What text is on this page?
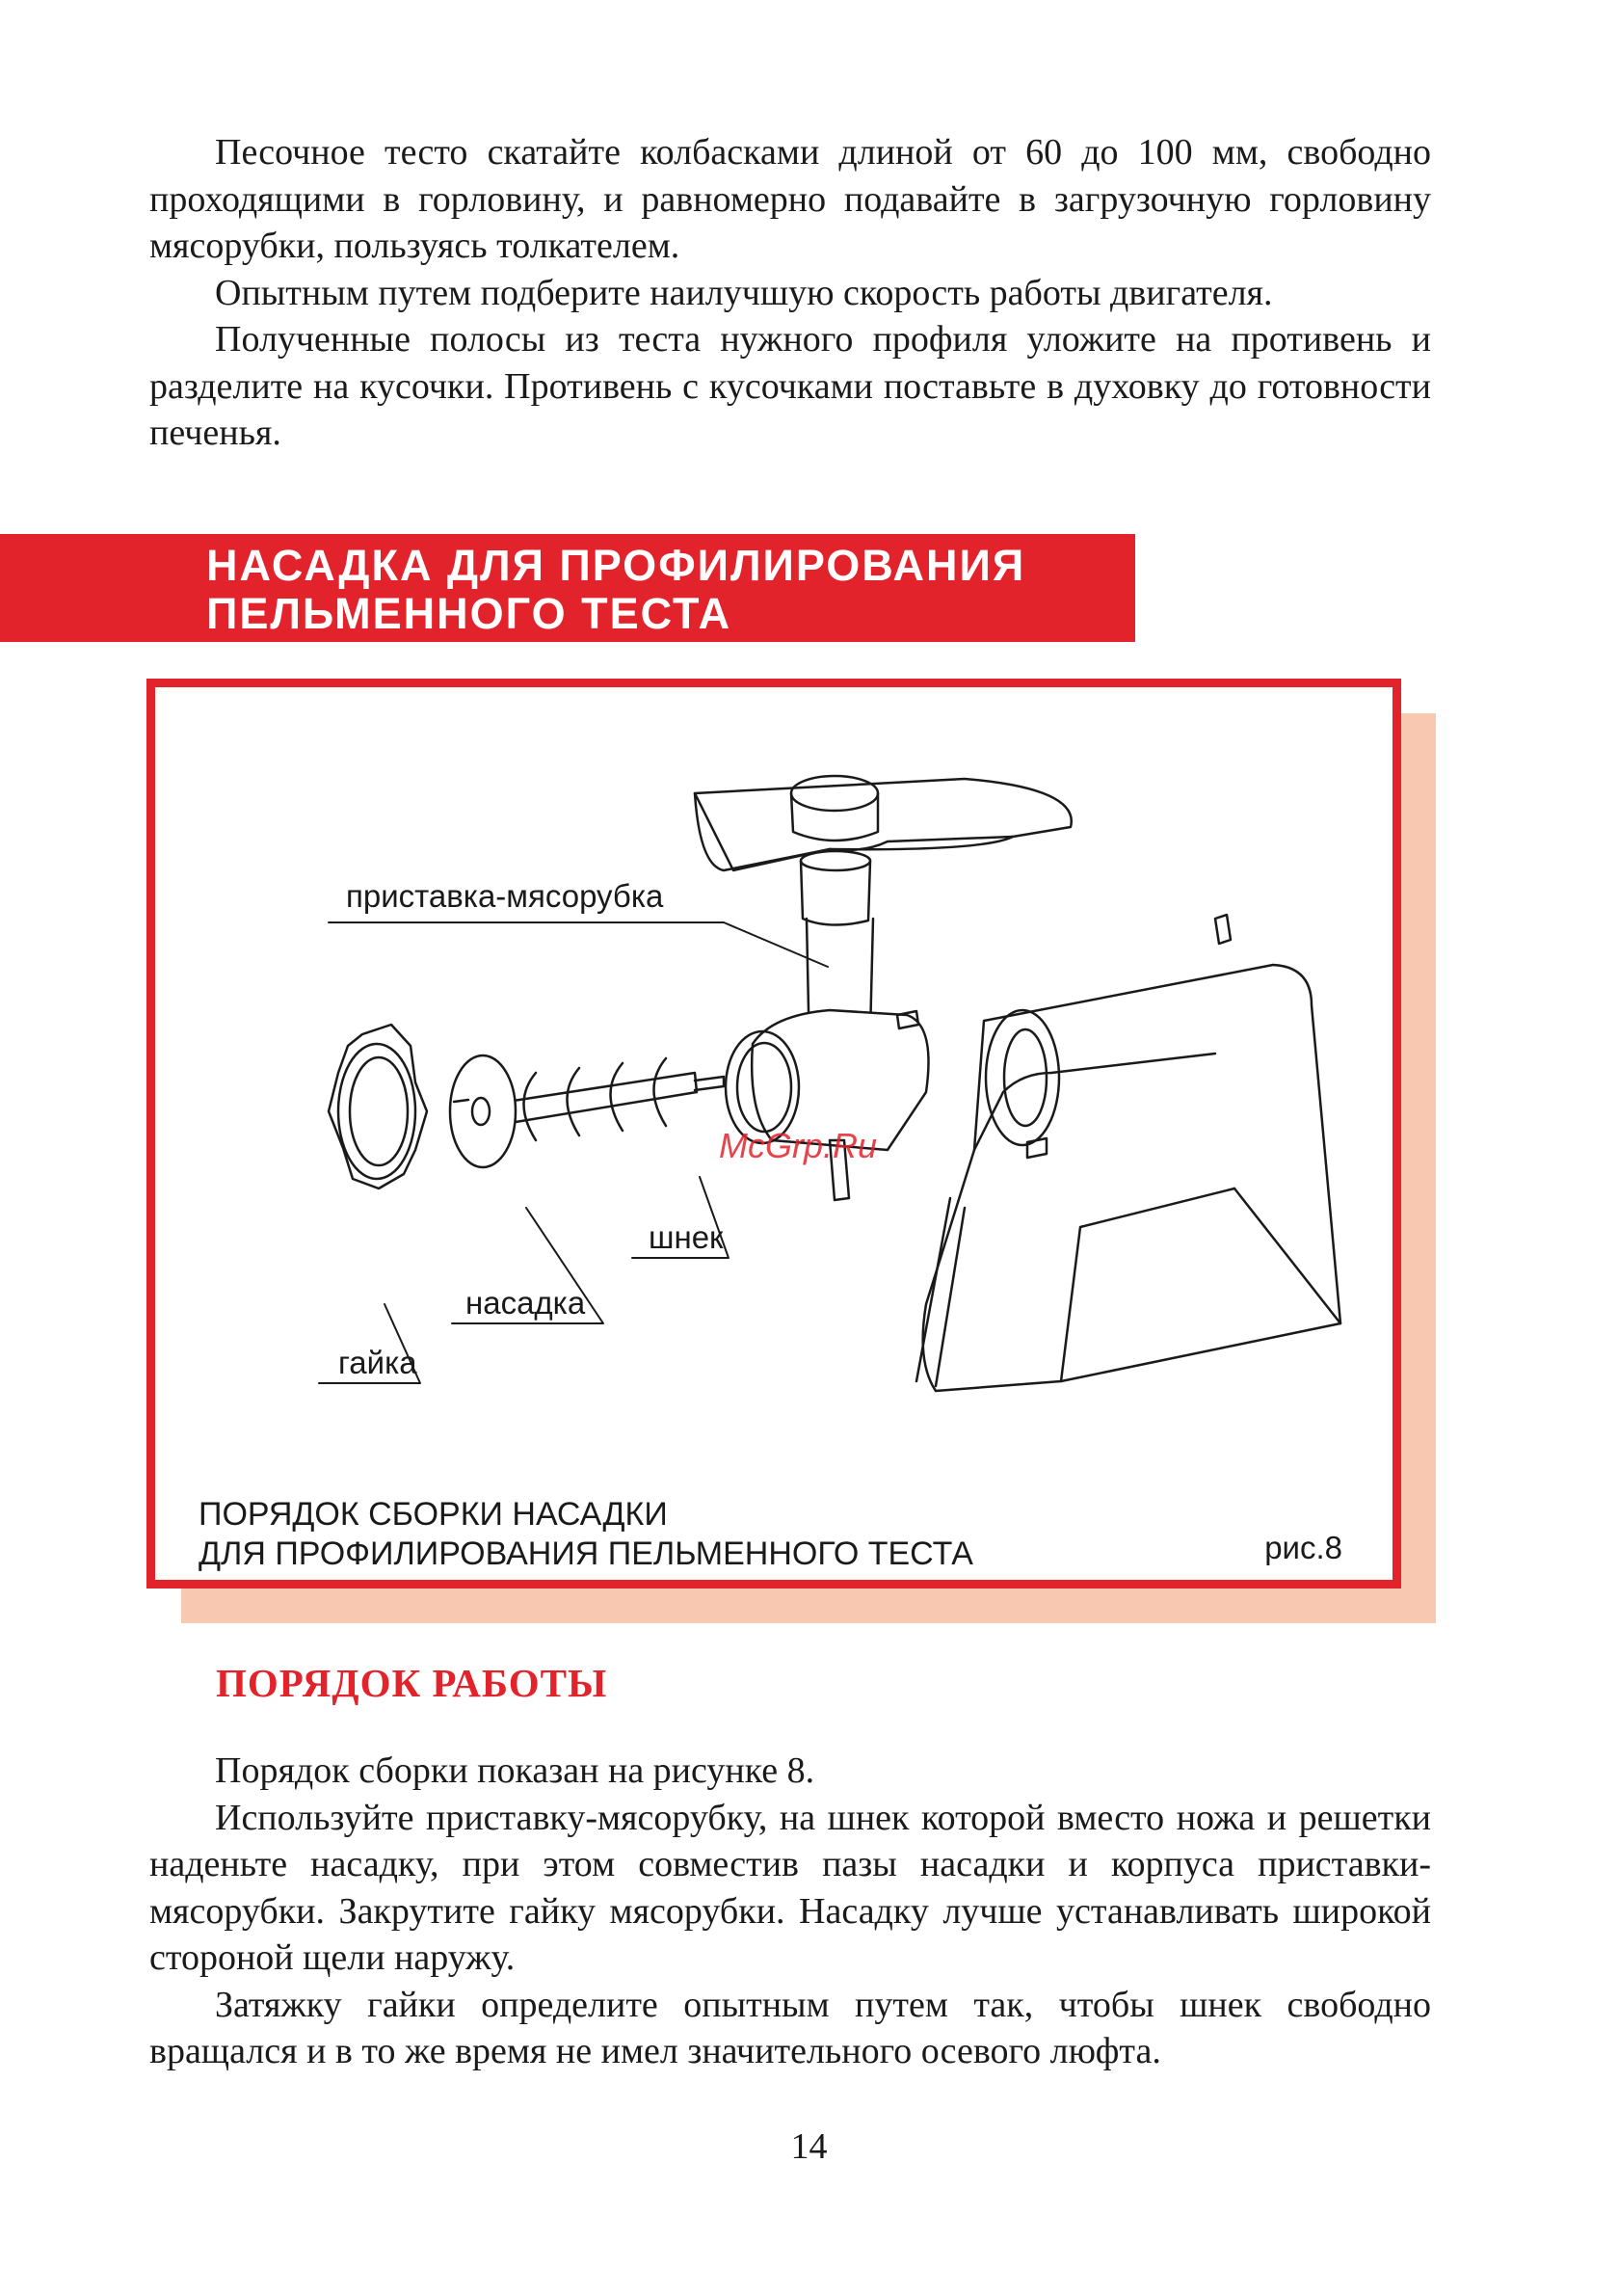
Песочное тесто скатайте колбасками длиной от 60 до 100 мм, свободно проходящими в горловину, и равномерно подавайте в загрузочную горловину мясорубки, пользуясь толкателем.

Опытным путем подберите наилучшую скорость работы двигателя.

Полученные полосы из теста нужного профиля уложите на противень и разделите на кусочки. Противень с кусочками поставьте в духовку до готовности печенья.

НАСАДКА ДЛЯ ПРОФИЛИРОВАНИЯ
ПЕЛЬМЕННОГО ТЕСТА
приставка-мясорубка
шнек
насадка
гайка
McGrp.Ru

ПОРЯДОК СБОРКИ НАСАДКИ
ДЛЯ ПРОФИЛИРОВАНИЯ ПЕЛЬМЕННОГО ТЕСТА	рис.8
ПОРЯДОК РАБОТЫ

Порядок сборки показан на рисунке 8.

Используйте приставку-мясорубку, на шнек которой вместо ножа и решетки наденьте насадку, при этом совместив пазы насадки и корпуса приставки-мясорубки. Закрутите гайку мясорубки. Насадку лучше устанавливать широкой стороной щели наружу.

Затяжку гайки определите опытным путем так, чтобы шнек свободно вращался и в то же время не имел значительного осевого люфта.

14
